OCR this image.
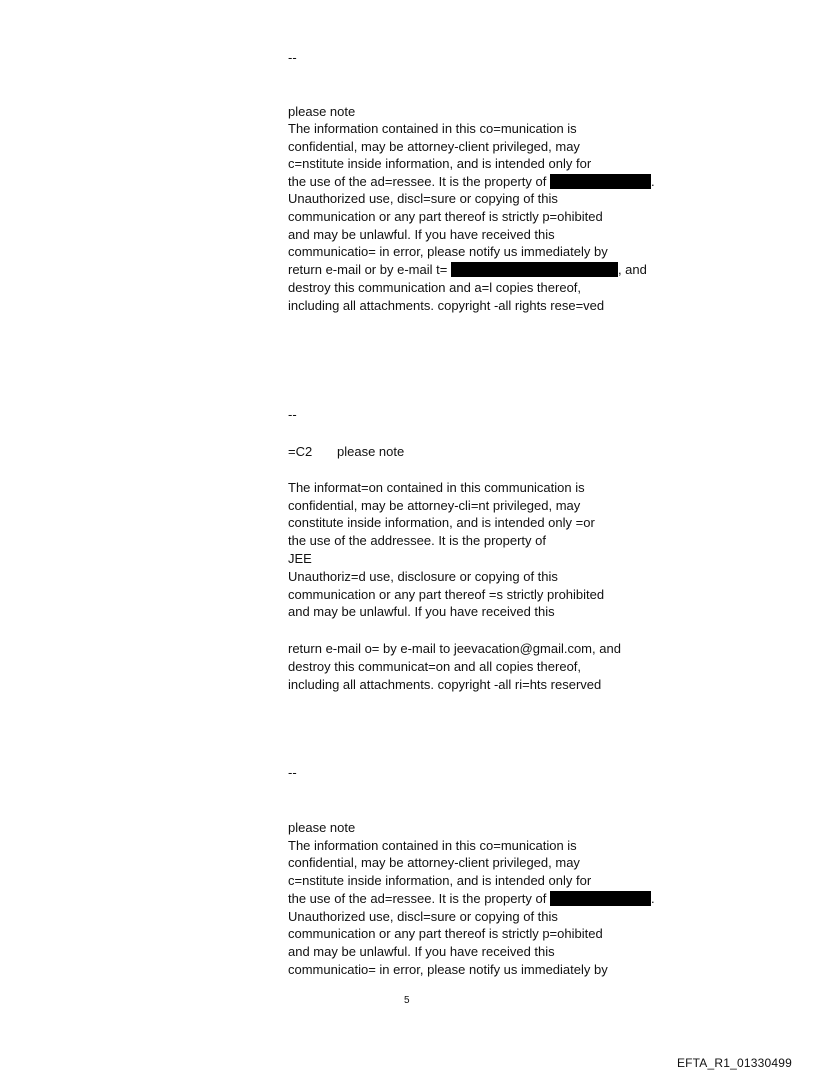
--
please note
The information contained in this co=munication is
confidential, may be attorney-client privileged, may
c=nstitute inside information, and is intended only for
the use of the ad=ressee. It is the property of	.
Unauthorized use, discl=sure or copying of this
communication or any part thereof is strictly p=ohibited
and may be unlawful. If you have received this
communicatio= in error, please notify us immediately by
return e-mail or by e-mail t=	, and
destroy this communication and a=l copies thereof,
including all attachments. copyright -all rights rese=ved
--
=C2 please note
The informat=on contained in this communication is
confidential, may be attorney-cli=nt privileged, may
constitute inside information, and is intended only =or
the use of the addressee. It is the property of
JEE
Unauthoriz=d use, disclosure or copying of this
communication or any part thereof =s strictly prohibited
and may be unlawful. If you have received this
return e-mail o= by e-mail to jeevacation@gmail.com, and
destroy this communicat=on and all copies thereof,
including all attachments. copyright -all ri=hts reserved
--
please note
The information contained in this co=munication is
confidential, may be attorney-client privileged, may
c=nstitute inside information, and is intended only for
the use of the ad=ressee. It is the property of	.
Unauthorized use, discl=sure or copying of this
communication or any part thereof is strictly p=ohibited
and may be unlawful. If you have received this
communicatio= in error, please notify us immediately by
5
EFTA_R1_01330499
